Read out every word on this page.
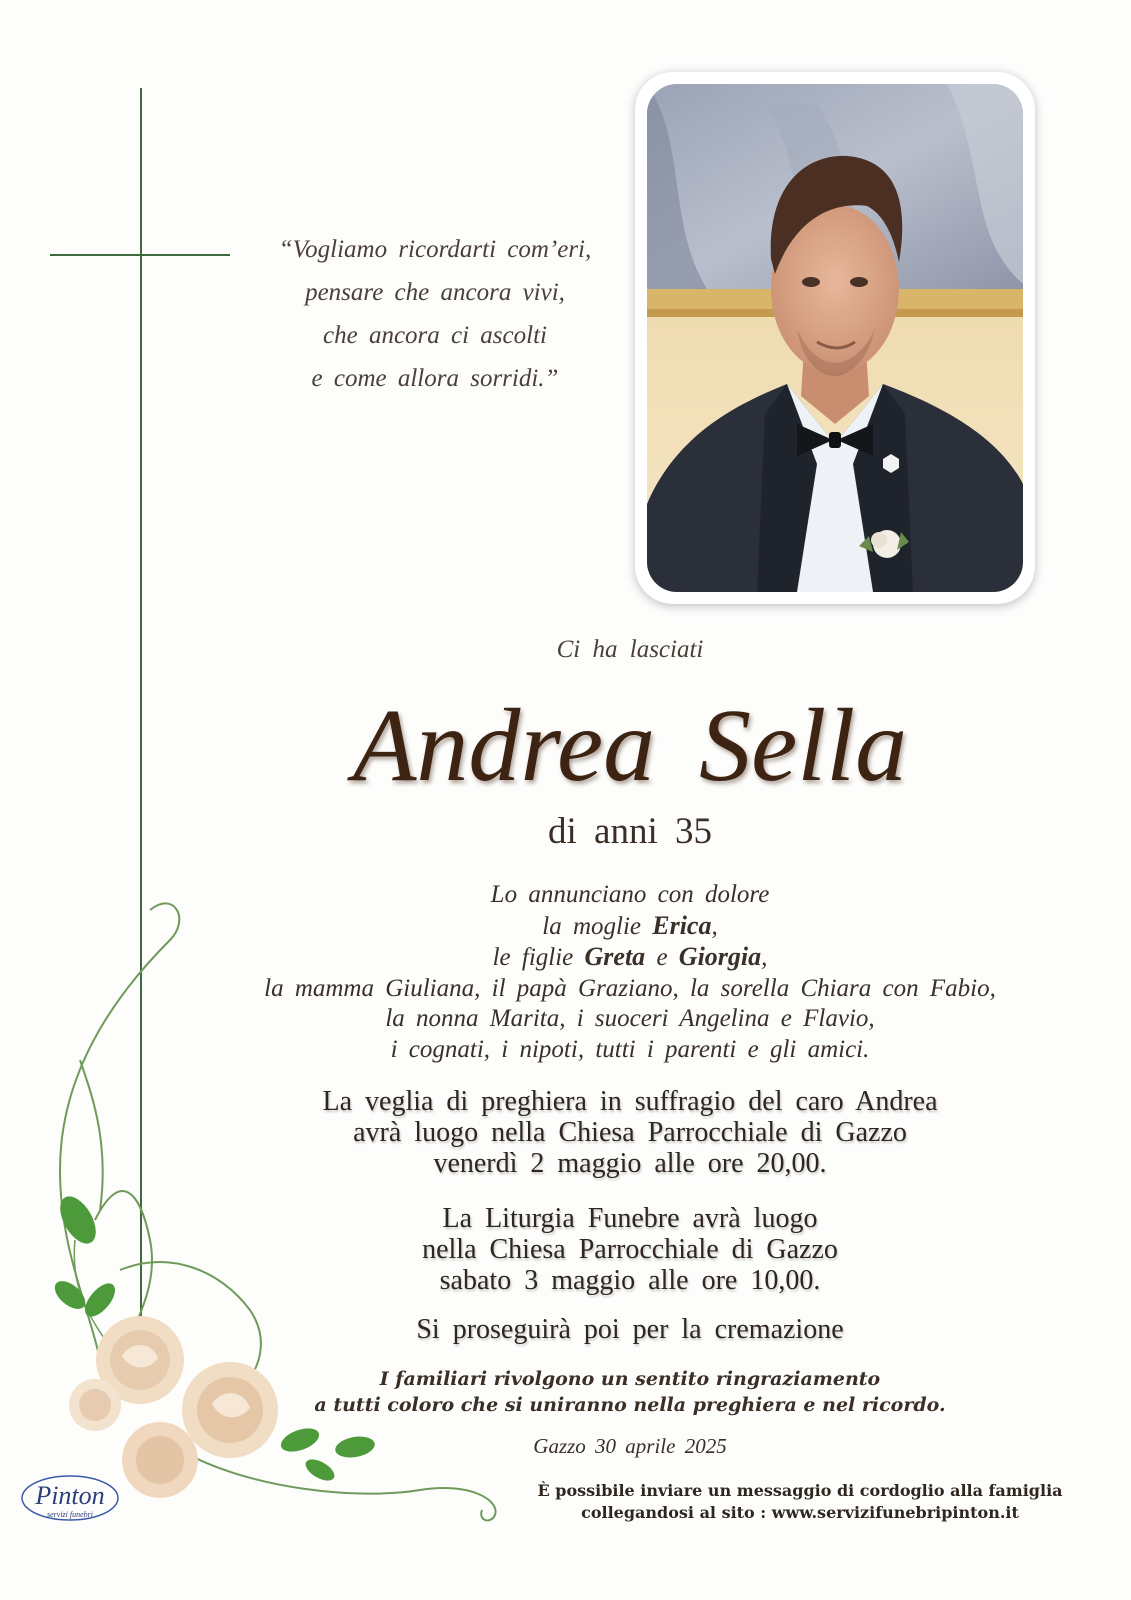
“Vogliamo ricordarti com’eri,
pensare che ancora vivi,
che ancora ci ascolti
e come allora sorridi.”
Ci ha lasciati
Andrea Sella
di anni 35
Lo annunciano con dolore
la moglie Erica,
le figlie Greta e Giorgia,
la mamma Giuliana, il papà Graziano, la sorella Chiara con Fabio,
la nonna Marita, i suoceri Angelina e Flavio,
i cognati, i nipoti, tutti i parenti e gli amici.
La veglia di preghiera in suffragio del caro Andrea
avrà luogo nella Chiesa Parrocchiale di Gazzo
venerdì 2 maggio alle ore 20,00.
La Liturgia Funebre avrà luogo
nella Chiesa Parrocchiale di Gazzo
sabato 3 maggio alle ore 10,00.
Si proseguirà poi per la cremazione
I familiari rivolgono un sentito ringraziamento
a tutti coloro che si uniranno nella preghiera e nel ricordo.
Gazzo 30 aprile 2025
È possibile inviare un messaggio di cordoglio alla famiglia
collegandosi al sito : www.servizifunebripinton.it
Pinton
servizi funebri
